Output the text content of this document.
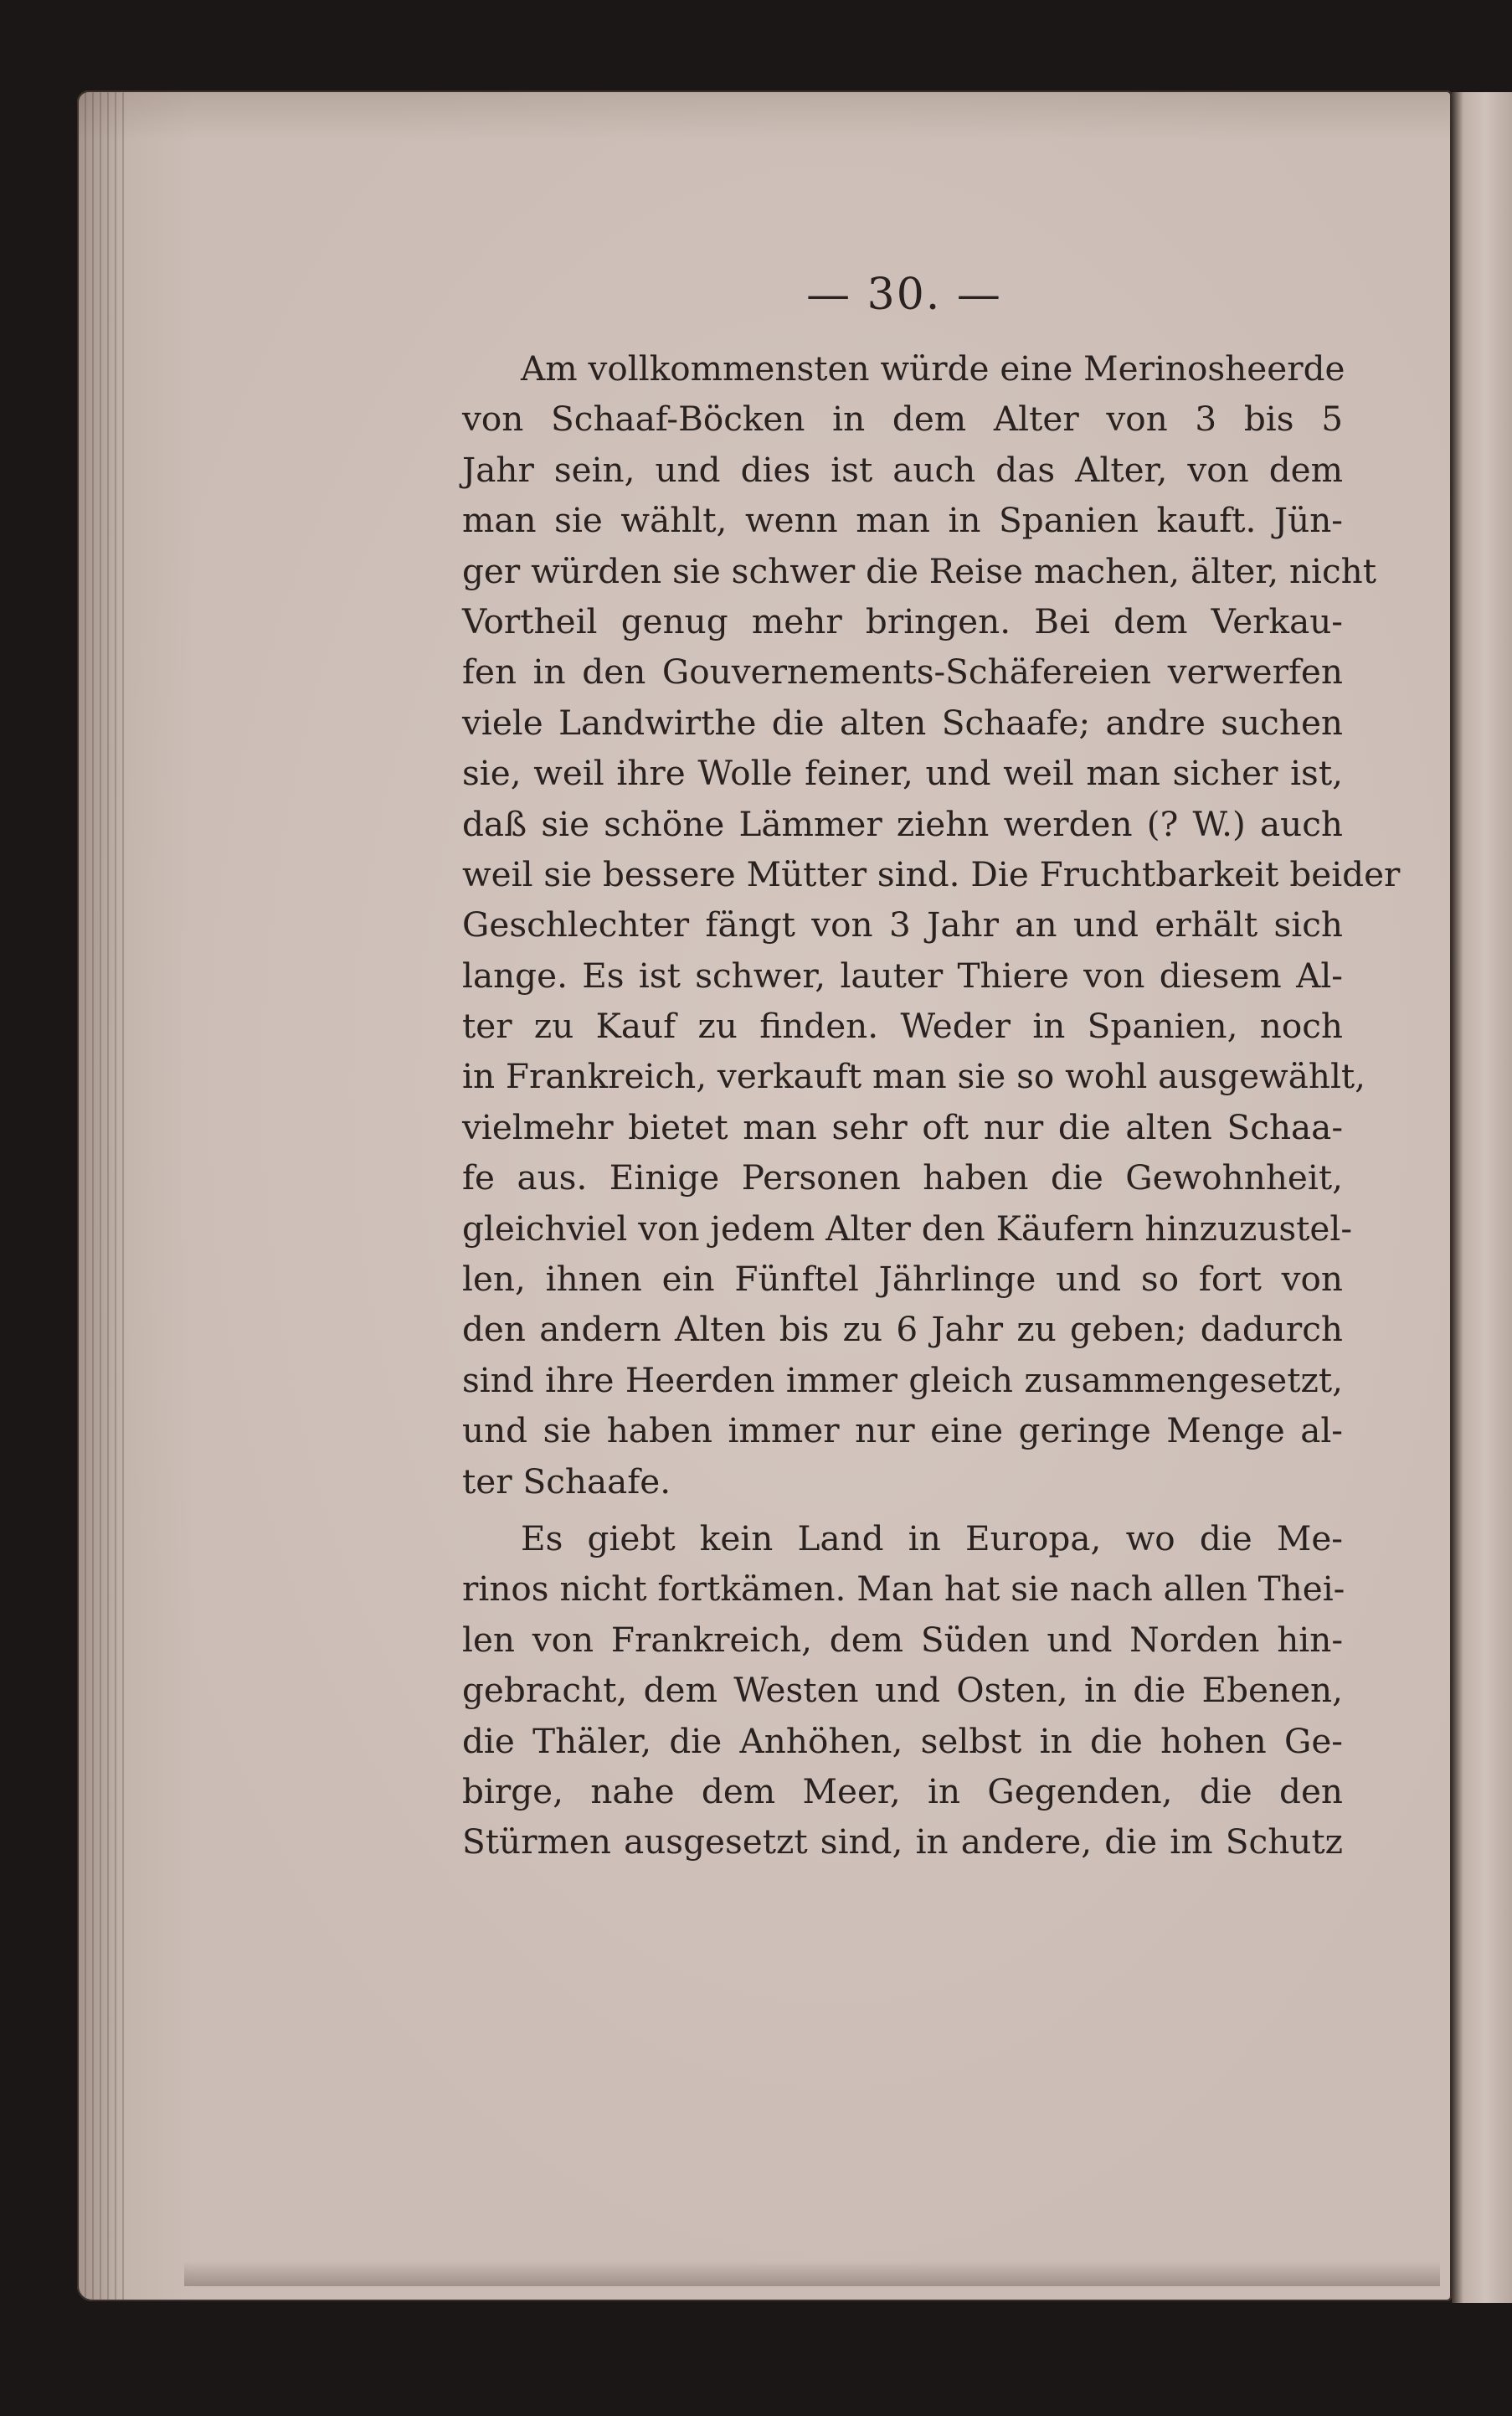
— 30. —
Am vollkommensten würde eine Merinosheerde
von Schaaf-Böcken in dem Alter von 3 bis 5
Jahr sein, und dies ist auch das Alter, von dem
man sie wählt, wenn man in Spanien kauft. Jün-
ger würden sie schwer die Reise machen, älter, nicht
Vortheil genug mehr bringen. Bei dem Verkau-
fen in den Gouvernements-Schäfereien verwerfen
viele Landwirthe die alten Schaafe; andre suchen
sie, weil ihre Wolle feiner, und weil man sicher ist,
daß sie schöne Lämmer ziehn werden (? W.) auch
weil sie bessere Mütter sind. Die Fruchtbarkeit beider
Geschlechter fängt von 3 Jahr an und erhält sich
lange. Es ist schwer, lauter Thiere von diesem Al-
ter zu Kauf zu finden. Weder in Spanien, noch
in Frankreich, verkauft man sie so wohl ausgewählt,
vielmehr bietet man sehr oft nur die alten Schaa-
fe aus. Einige Personen haben die Gewohnheit,
gleichviel von jedem Alter den Käufern hinzuzustel-
len, ihnen ein Fünftel Jährlinge und so fort von
den andern Alten bis zu 6 Jahr zu geben; dadurch
sind ihre Heerden immer gleich zusammengesetzt,
und sie haben immer nur eine geringe Menge al-
ter Schaafe.
Es giebt kein Land in Europa, wo die Me-
rinos nicht fortkämen. Man hat sie nach allen Thei-
len von Frankreich, dem Süden und Norden hin-
gebracht, dem Westen und Osten, in die Ebenen,
die Thäler, die Anhöhen, selbst in die hohen Ge-
birge, nahe dem Meer, in Gegenden, die den
Stürmen ausgesetzt sind, in andere, die im Schutz
